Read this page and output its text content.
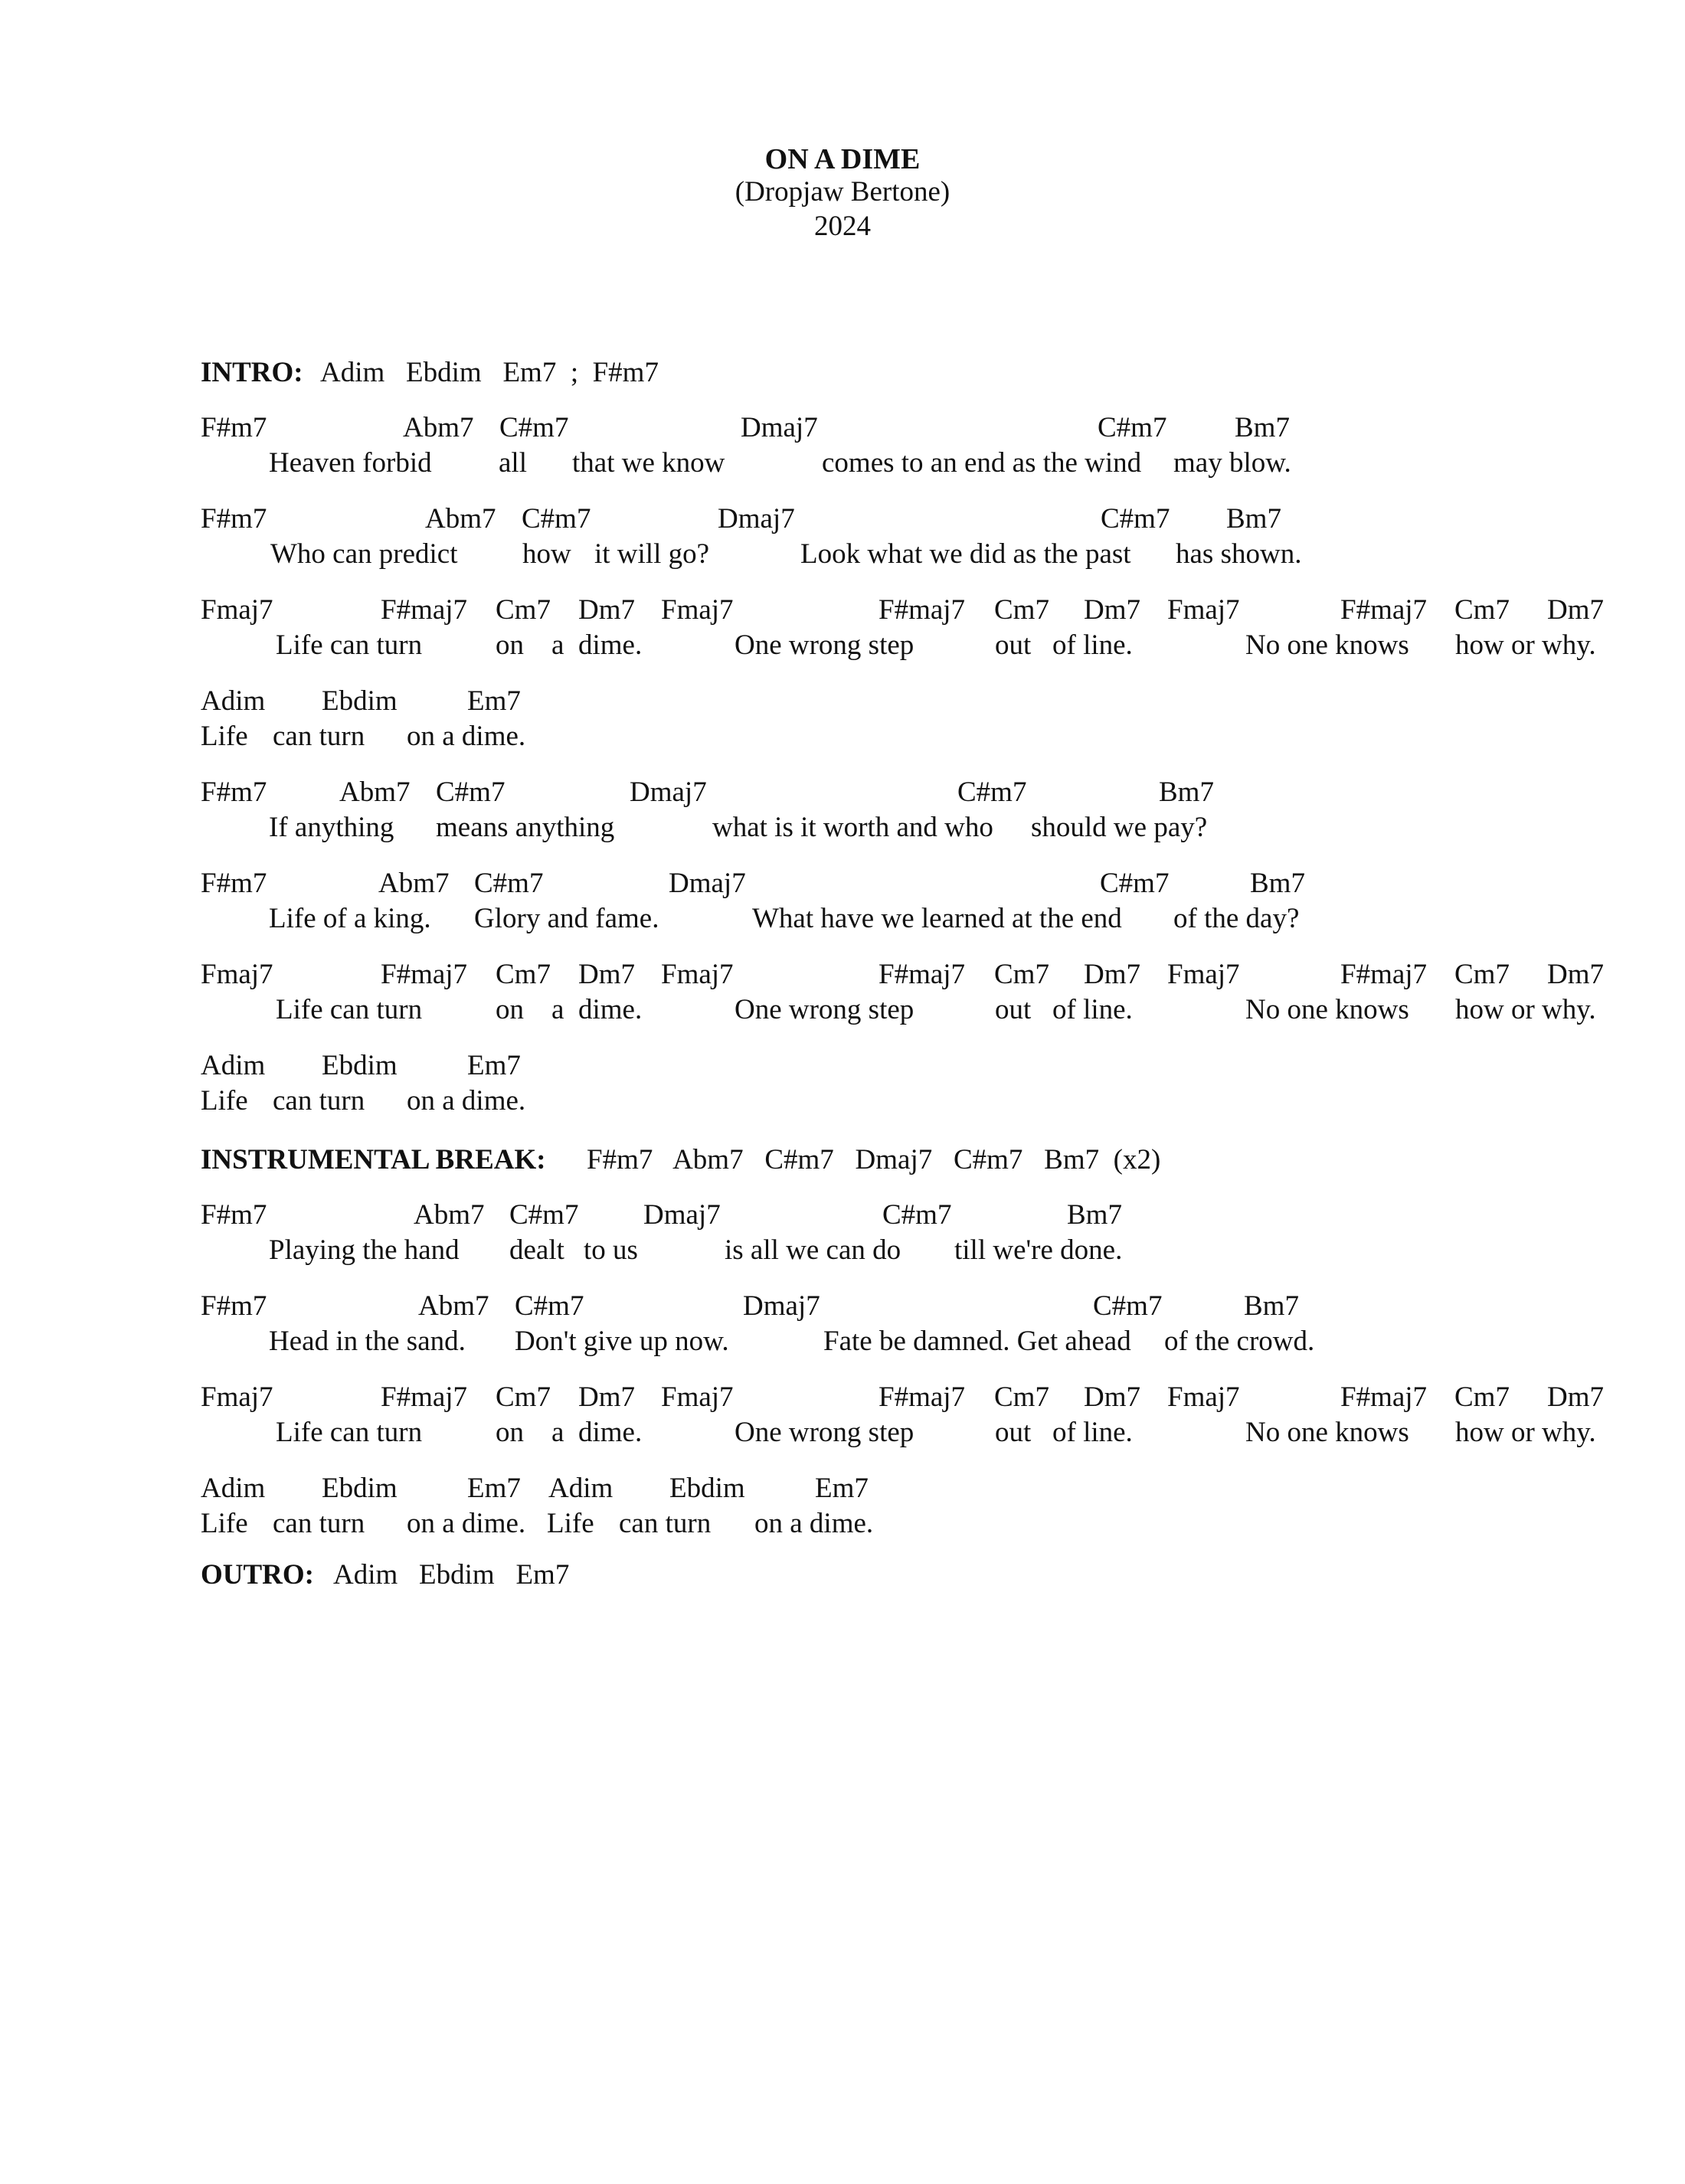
ON A DIME
(Dropjaw Bertone)
2024

INTRO:

Adim   Ebdim   Em7  ;  F#m7

F#m7

	Abm7

C#m7

	Dmaj7

	C#m7

Bm7

Heaven forbid

all

that we know

	comes to an end as the wind

may blow.

F#m7

	Abm7

C#m7

	Dmaj7

	C#m7

Bm7

Who can predict

how

it will go?

	Look what we did as the past

has shown.

Fmaj7

	F#maj7

Cm7

Dm7

Fmaj7

	F#maj7

Cm7

Dm7

Fmaj7

	F#maj7

Cm7

Dm7

Life can turn

	on

a

dime.

	One wrong step

	out

of line.

	No one knows

how or why.

Adim

Ebdim

Em7

Life

can turn

on a dime.

F#m7

	Abm7

C#m7

	Dmaj7

	C#m7

	Bm7

If anything

means anything

	what is it worth and who

should we pay?

F#m7

	Abm7

C#m7

	Dmaj7

	C#m7

	Bm7

Life of a king.

Glory and fame.

	What have we learned at the end

of the day?

Fmaj7

	F#maj7

Cm7

Dm7

Fmaj7

	F#maj7

Cm7

Dm7

Fmaj7

	F#maj7

Cm7

Dm7

Life can turn

	on

a

dime.

	One wrong step

	out

of line.

	No one knows

how or why.

Adim

Ebdim

Em7

Life

can turn

on a dime.

INSTRUMENTAL BREAK:

F#m7   Abm7   C#m7   Dmaj7   C#m7   Bm7  (x2)

F#m7

	Abm7

C#m7

Dmaj7

	C#m7

	Bm7

Playing the hand

dealt

to us

	is all we can do

till we're done.

F#m7

	Abm7

C#m7

	Dmaj7

	C#m7

	Bm7

Head in the sand.

Don't give up now.

	Fate be damned. Get ahead

of the crowd.

Fmaj7

	F#maj7

Cm7

Dm7

Fmaj7

	F#maj7

Cm7

Dm7

Fmaj7

	F#maj7

Cm7

Dm7

Life can turn

	on

a

dime.

	One wrong step

	out

of line.

	No one knows

how or why.

Adim

Ebdim

Em7

Adim

Ebdim

Em7

Life

can turn

on a dime.

Life

can turn

on a dime.

OUTRO:

Adim   Ebdim   Em7
